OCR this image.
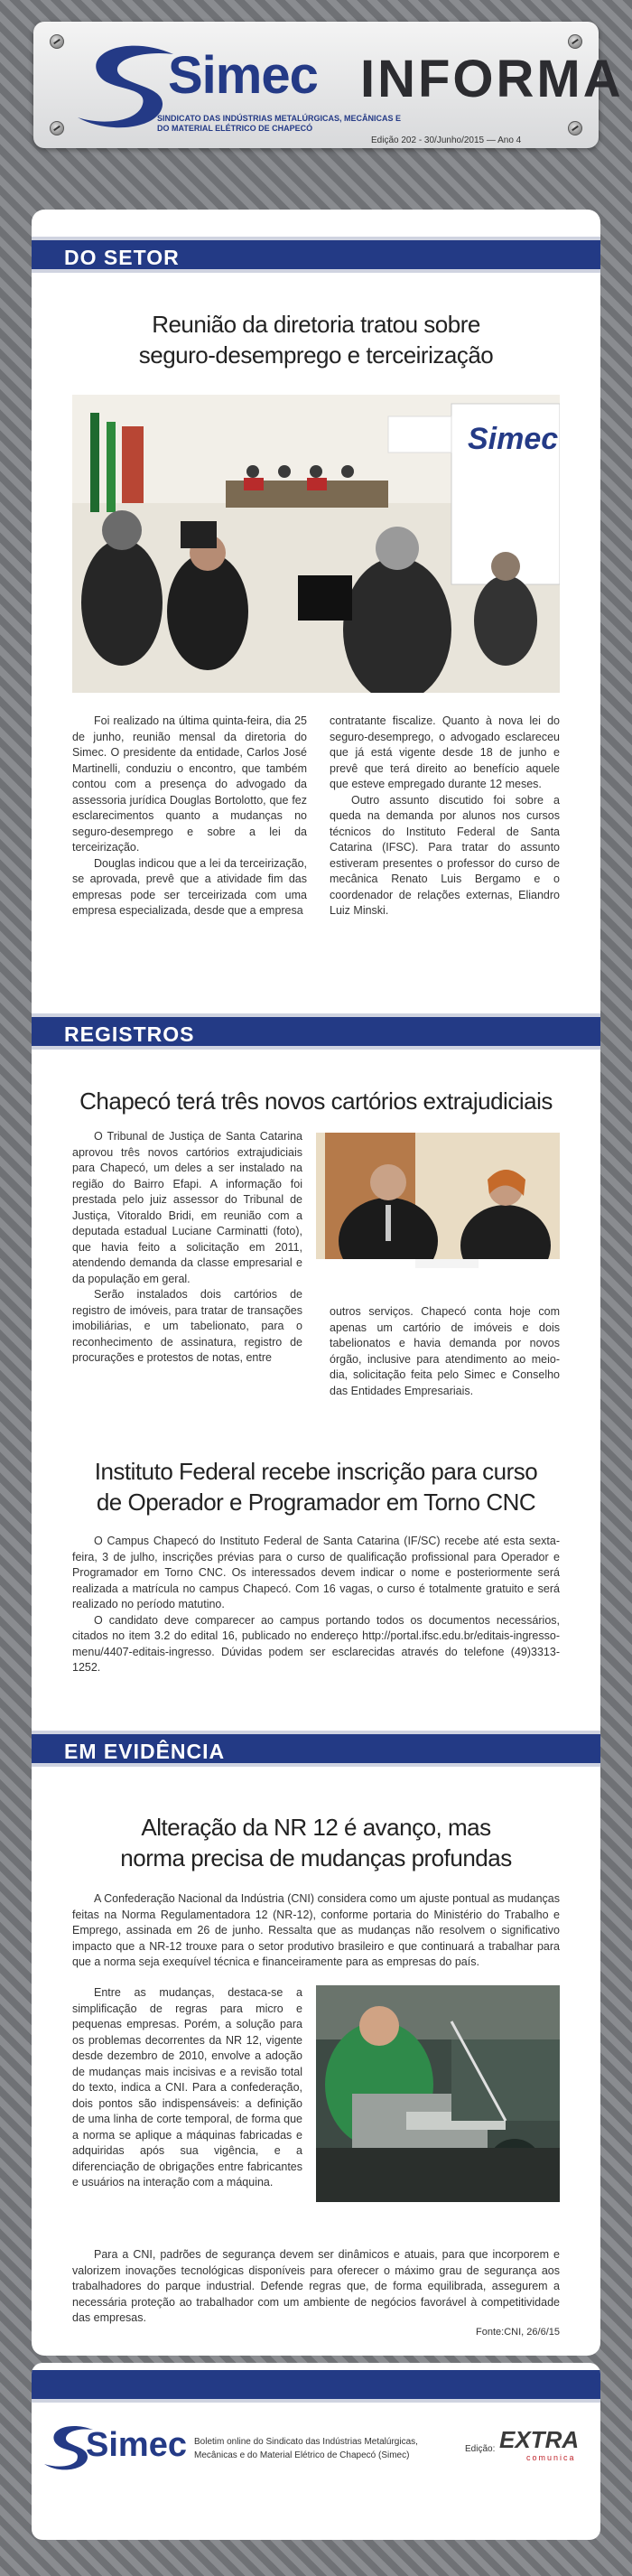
Simec
SINDICATO DAS INDÚSTRIAS METALÚRGICAS, MECÂNICAS E DO MATERIAL ELÉTRICO DE CHAPECÓ
INFORMA
Edição 202 - 30/Junho/2015 — Ano 4
DO SETOR
Reunião da diretoria tratou sobre
seguro-desemprego e terceirização
Simec

Foi realizado na última quinta-feira, dia 25 de junho, reunião mensal da diretoria do Simec. O presidente da entidade, Carlos José Martinelli, conduziu o encontro, que também contou com a presença do advogado da assessoria jurídica Douglas Bortolotto, que fez esclarecimentos quanto a mudanças no seguro-desemprego e sobre a lei da terceirização.

Douglas indicou que a lei da terceirização, se aprovada, prevê que a atividade fim das empresas pode ser terceirizada com uma empresa especializada, desde que a empresa

contratante fiscalize. Quanto à nova lei do seguro-desemprego, o advogado esclareceu que já está vigente desde 18 de junho e prevê que terá direito ao benefício aquele que esteve empregado durante 12 meses.

Outro assunto discutido foi sobre a queda na demanda por alunos nos cursos técnicos do Instituto Federal de Santa Catarina (IFSC). Para tratar do assunto estiveram presentes o professor do curso de mecânica Renato Luis Bergamo e o coordenador de relações externas, Eliandro Luiz Minski.

REGISTROS
Chapecó terá três novos cartórios extrajudiciais

O Tribunal de Justiça de Santa Catarina aprovou três novos cartórios extrajudiciais para Chapecó, um deles a ser instalado na região do Bairro Efapi. A informação foi prestada pelo juiz assessor do Tribunal de Justiça, Vitoraldo Bridi, em reunião com a deputada estadual Luciane Carminatti (foto), que havia feito a solicitação em 2011, atendendo demanda da classe empresarial e da população em geral.

Serão instalados dois cartórios de registro de imóveis, para tratar de transações imobiliárias, e um tabelionato, para o reconhecimento de assinatura, registro de procurações e protestos de notas, entre

outros serviços. Chapecó conta hoje com apenas um cartório de imóveis e dois tabelionatos e havia demanda por novos órgão, inclusive para atendimento ao meio-dia, solicitação feita pelo Simec e Conselho das Entidades Empresariais.

Instituto Federal recebe inscrição para curso
de Operador e Programador em Torno CNC

O Campus Chapecó do Instituto Federal de Santa Catarina (IF/SC) recebe até esta sexta-feira, 3 de julho, inscrições prévias para o curso de qualificação profissional para Operador e Programador em Torno CNC. Os interessados devem indicar o nome e posteriormente será realizada a matrícula no campus Chapecó. Com 16 vagas, o curso é totalmente gratuito e será realizado no período matutino.

O candidato deve comparecer ao campus portando todos os documentos necessários, citados no item 3.2 do edital 16, publicado no endereço http://portal.ifsc.edu.br/editais-ingresso-menu/4407-editais-ingresso. Dúvidas podem ser esclarecidas através do telefone (49)3313-1252.

EM EVIDÊNCIA
Alteração da NR 12 é avanço, mas
norma precisa de mudanças profundas

A Confederação Nacional da Indústria (CNI) considera como um ajuste pontual as mudanças feitas na Norma Regulamentadora 12 (NR-12), conforme portaria do Ministério do Trabalho e Emprego, assinada em 26 de junho. Ressalta que as mudanças não resolvem o significativo impacto que a NR-12 trouxe para o setor produtivo brasileiro e que continuará a trabalhar para que a norma seja exequível técnica e financeiramente para as empresas do país.

Entre as mudanças, destaca-se a simplificação de regras para micro e pequenas empresas. Porém, a solução para os problemas decorrentes da NR 12, vigente desde dezembro de 2010, envolve a adoção de mudanças mais incisivas e a revisão total do texto, indica a CNI. Para a confederação, dois pontos são indispensáveis: a definição de uma linha de corte temporal, de forma que a norma se aplique a máquinas fabricadas e adquiridas após sua vigência, e a diferenciação de obrigações entre fabricantes e usuários na interação com a máquina.

Para a CNI, padrões de segurança devem ser dinâmicos e atuais, para que incorporem e valorizem inovações tecnológicas disponíveis para oferecer o máximo grau de segurança aos trabalhadores do parque industrial. Defende regras que, de forma equilibrada, assegurem a necessária proteção ao trabalhador com um ambiente de negócios favorável à competitividade das empresas.

Fonte:CNI, 26/6/15
Simec Boletim online do Sindicato das Indústrias Metalúrgicas,
Mecânicas e do Material Elétrico de Chapecó (Simec)
Edição: EXTRA
comunica
